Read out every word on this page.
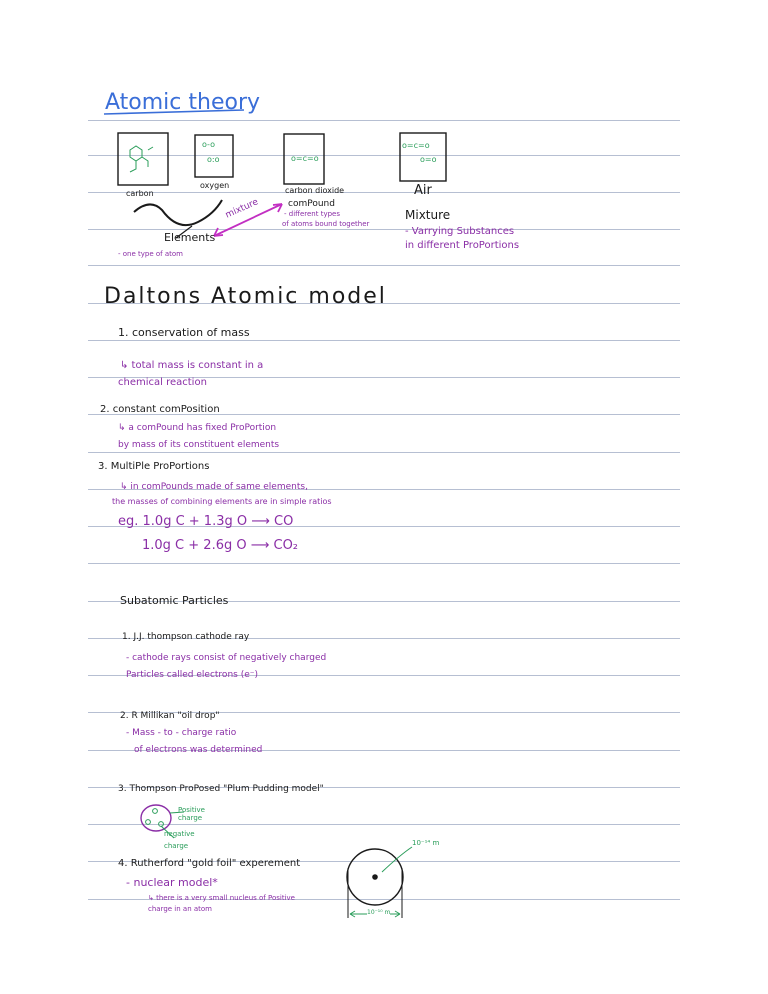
Atomic theory
o-o
o:o	o=c=o
o=c=o
o=o
carbon
oxygen
carbon dioxide	Air
mixture	comPound
- different types
of atoms bound together
Mixture
- Varrying Substances
in different ProPortions
Elements
- one type of atom
Daltons Atomic model
1. conservation of mass
↳ total mass is constant in a
chemical reaction
2. constant comPosition
↳ a comPound has fixed ProPortion
by mass of its constituent elements
3. MultiPle ProPortions
↳ in comPounds made of same elements,
the masses of combining elements are in simple ratios
eg. 1.0g C + 1.3g O ⟶ CO
1.0g C + 2.6g O ⟶ CO₂
Subatomic Particles
1. J.J. thompson cathode ray
- cathode rays consist of negatively charged
Particles called electrons (e⁻)
2. R Millikan "oil drop"
- Mass - to - charge ratio
of electrons was determined
3. Thompson ProPosed "Plum Pudding model"
Positive charge
negative charge
4. Rutherford "gold foil" experement
- nuclear model*
↳ there is a very small nucleus of Positive
charge in an atom
10⁻¹⁴ m
10⁻¹⁰ m
